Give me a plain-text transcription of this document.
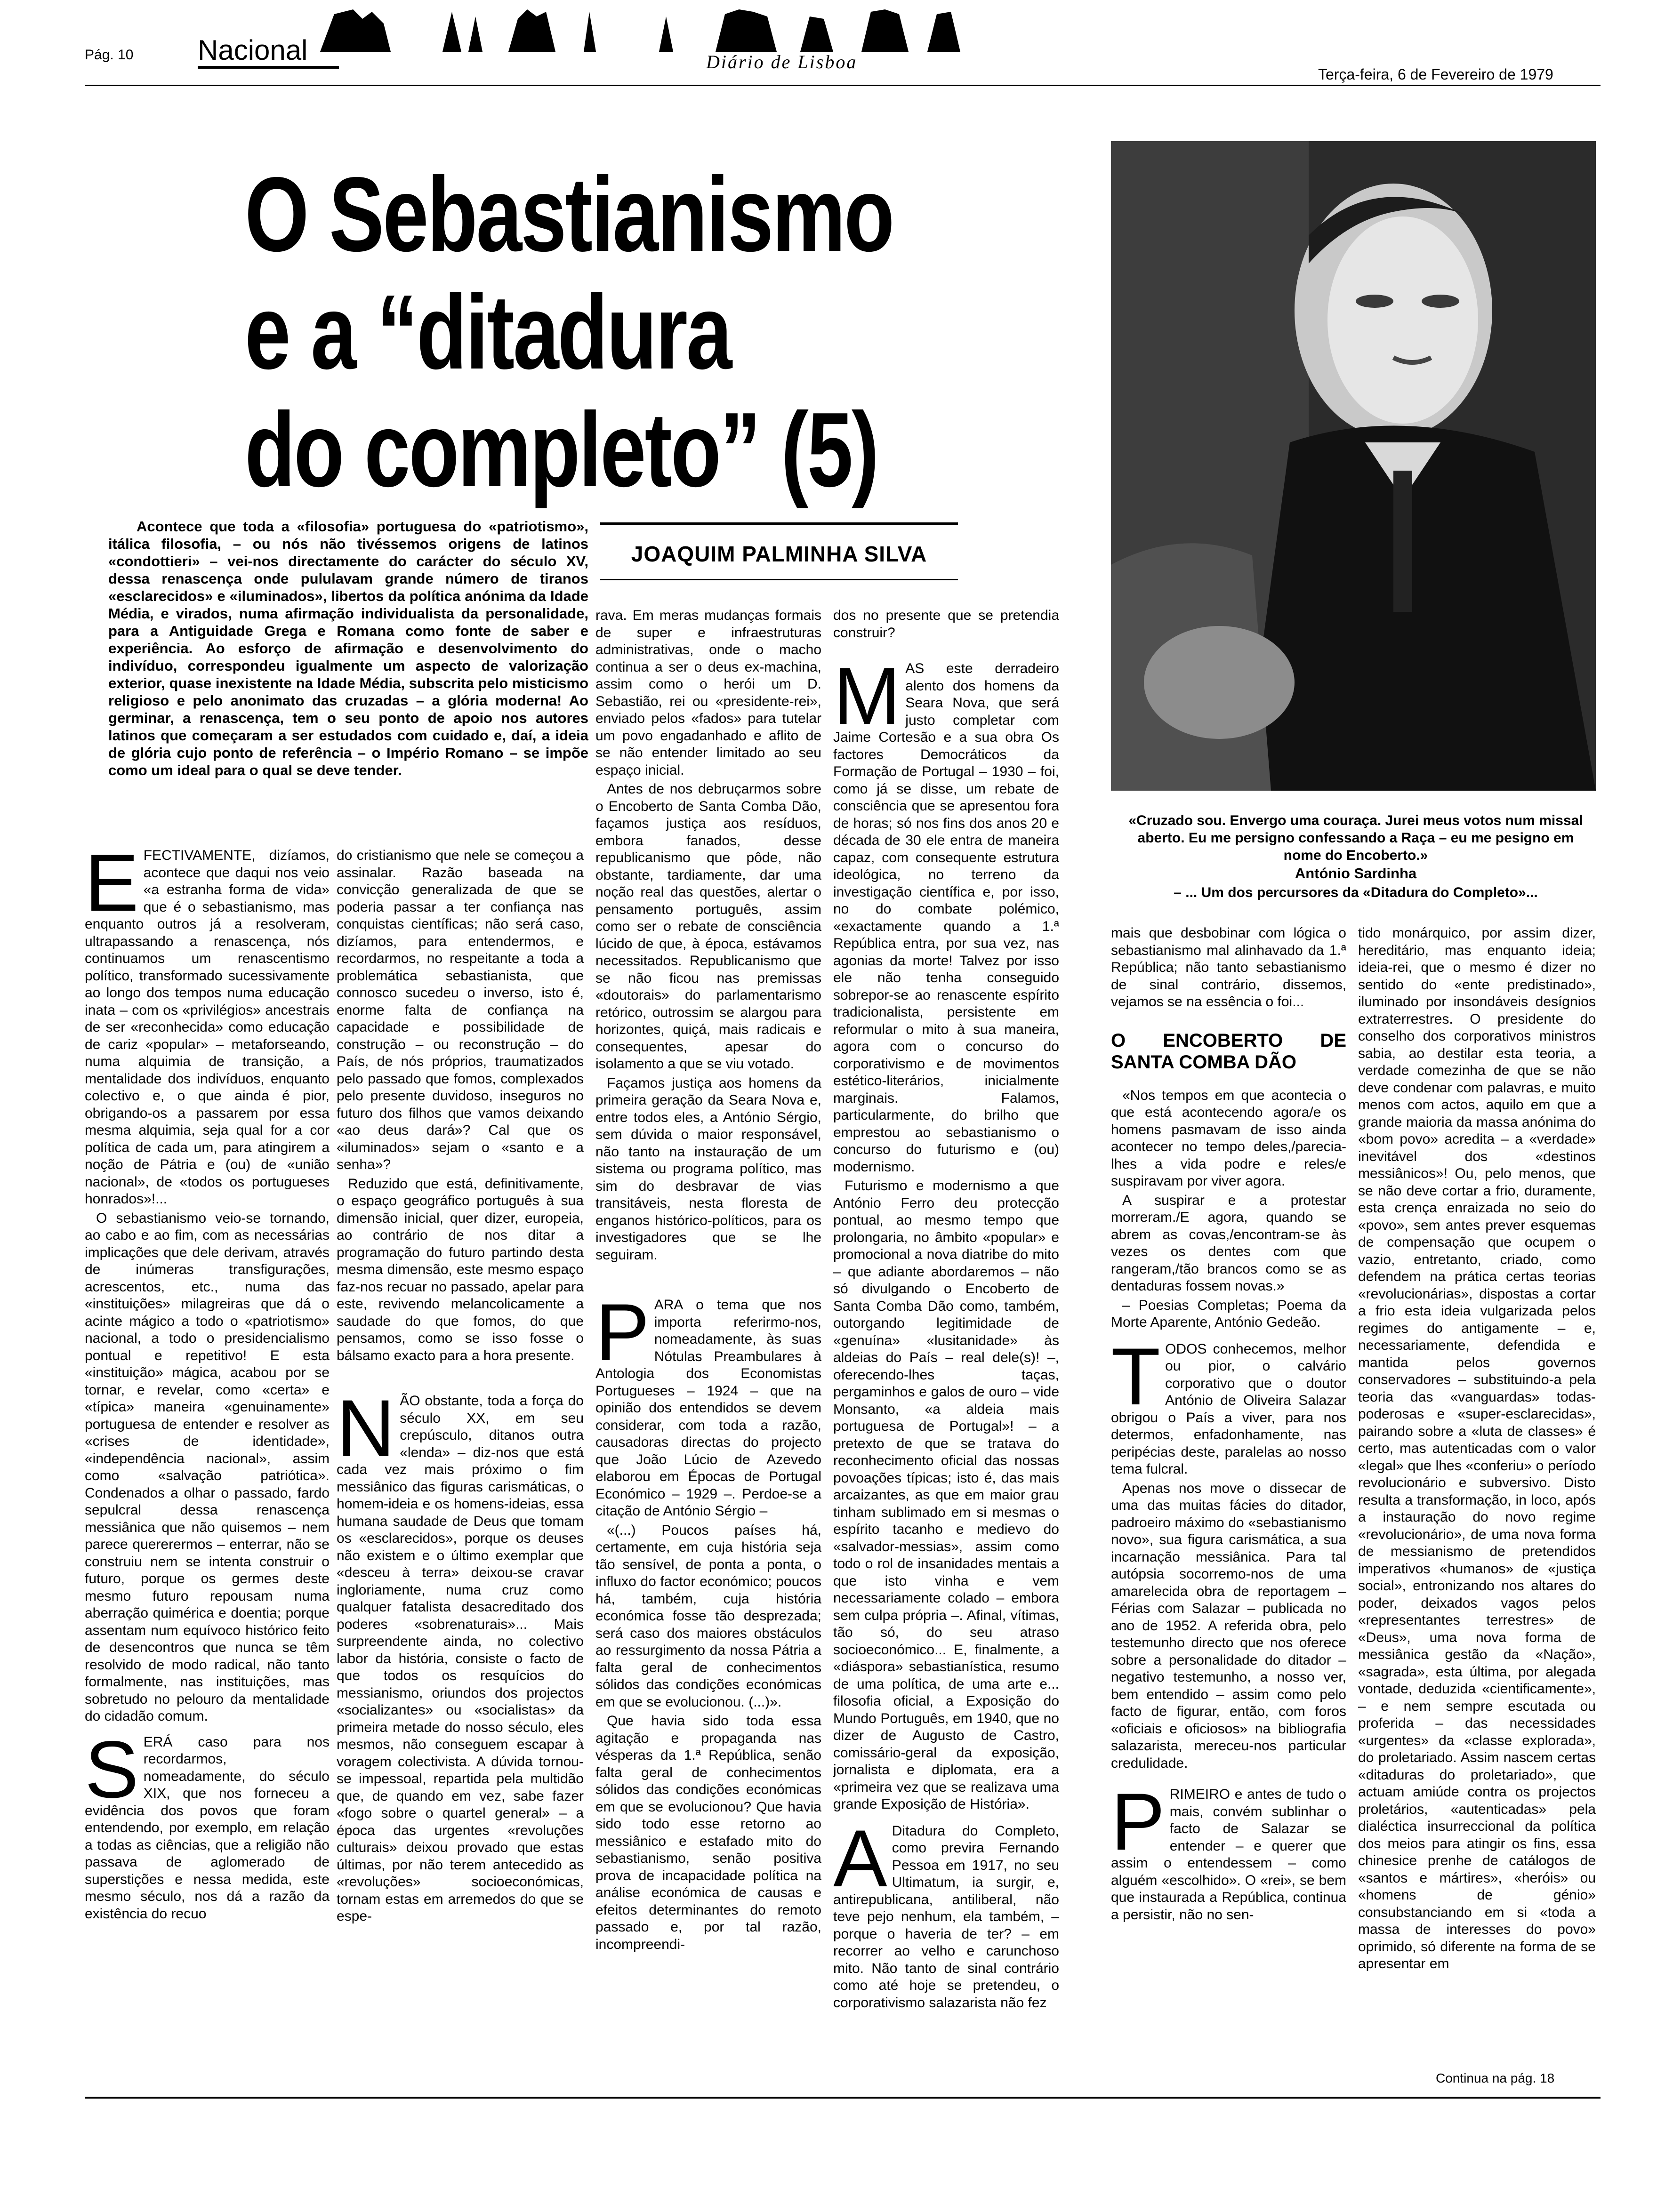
Pág. 10 Nacional	Diário de Lisboa
Terça-feira, 6 de Fevereiro de 1979
O Sebastianismo
e a “ditadura
do completo” (5)
«Cruzado sou. Envergo uma couraça. Jurei meus votos num missal aberto. Eu me persigno confessando a Raça – eu me pesigno em nome do Encoberto.»
António Sardinha
– ... Um dos percursores da «Ditadura do Completo»...
JOAQUIM PALMINHA SILVA
Acontece que toda a «filosofia» portuguesa do «patriotismo», itálica filosofia, – ou nós não tivéssemos origens de latinos «condottieri» – vei-nos directamente do carácter do século XV, dessa renascença onde pululavam grande número de tiranos «esclarecidos» e «iluminados», libertos da política anónima da Idade Média, e virados, numa afirmação individualista da personalidade, para a Antiguidade Grega e Romana como fonte de saber e experiência. Ao esforço de afirmação e desenvolvimento do indivíduo, correspondeu igualmente um aspecto de valorização exterior, quase inexistente na Idade Média, subscrita pelo misticismo religioso e pelo anonimato das cruzadas – a glória moderna! Ao germinar, a renascença, tem o seu ponto de apoio nos autores latinos que começaram a ser estudados com cuidado e, daí, a ideia de glória cujo ponto de referência – o Império Romano – se impõe como um ideal para o qual se deve tender.
E FECTIVAMENTE, dizíamos, acontece que daqui nos veio «a estranha forma de vida» que é o sebastianismo, mas enquanto outros já a resolveram, ultrapassando a renascença, nós continuamos um renascentismo político, transformado sucessivamente ao longo dos tempos numa educação inata – com os «privilégios» ancestrais de ser «reconhecida» como educação de cariz «popular» – metaforseando, numa alquimia de transição, a mentalidade dos indivíduos, enquanto colectivo e, o que ainda é pior, obrigando-os a passarem por essa mesma alquimia, seja qual for a cor política de cada um, para atingirem a noção de Pátria e (ou) de «união nacional», de «todos os portugueses honrados»!...

O sebastianismo veio-se tornando, ao cabo e ao fim, com as necessárias implicações que dele derivam, através de inúmeras transfigurações, acrescentos, etc., numa das «instituições» milagreiras que dá o acinte mágico a todo o «patriotismo» nacional, a todo o presidencialismo pontual e repetitivo! E esta «instituição» mágica, acabou por se tornar, e revelar, como «certa» e «típica» maneira «genuinamente» portuguesa de entender e resolver as «crises de identidade», «independência nacional», assim como «salvação patriótica». Condenados a olhar o passado, fardo sepulcral dessa renascença messiânica que não quisemos – nem parece quererermos – enterrar, não se construiu nem se intenta construir o futuro, porque os germes deste mesmo futuro repousam numa aberração quimérica e doentia; porque assentam num equívoco histórico feito de desencontros que nunca se têm resolvido de modo radical, não tanto formalmente, nas instituições, mas sobretudo no pelouro da mentalidade do cidadão comum.

S ERÁ caso para nos recordarmos, nomeadamente, do século XIX, que nos forneceu a evidência dos povos que foram entendendo, por exemplo, em relação a todas as ciências, que a religião não passava de aglomerado de superstições e nessa medida, este mesmo século, nos dá a razão da existência do recuo

do cristianismo que nele se começou a assinalar. Razão baseada na convicção generalizada de que se poderia passar a ter confiança nas conquistas científicas; não será caso, dizíamos, para entendermos, e recordarmos, no respeitante a toda a problemática sebastianista, que connosco sucedeu o inverso, isto é, enorme falta de confiança na capacidade e possibilidade de construção – ou reconstrução – do País, de nós próprios, traumatizados pelo passado que fomos, complexados pelo presente duvidoso, inseguros no futuro dos filhos que vamos deixando «ao deus dará»? Cal que os «iluminados» sejam o «santo e a senha»?

Reduzido que está, definitivamente, o espaço geográfico português à sua dimensão inicial, quer dizer, europeia, ao contrário de nos ditar a programação do futuro partindo desta mesma dimensão, este mesmo espaço faz-nos recuar no passado, apelar para este, revivendo melancolicamente a saudade do que fomos, do que pensamos, como se isso fosse o bálsamo exacto para a hora presente.

N ÃO obstante, toda a força do século XX, em seu crepúsculo, ditanos outra «lenda» – diz-nos que está cada vez mais próximo o fim messiânico das figuras carismáticas, o homem-ideia e os homens-ideias, essa humana saudade de Deus que tomam os «esclarecidos», porque os deuses não existem e o último exemplar que «desceu à terra» deixou-se cravar ingloriamente, numa cruz como qualquer fatalista desacreditado dos poderes «sobrenaturais»... Mais surpreendente ainda, no colectivo labor da história, consiste o facto de que todos os resquícios do messianismo, oriundos dos projectos «socializantes» ou «socialistas» da primeira metade do nosso século, eles mesmos, não conseguem escapar à voragem colectivista. A dúvida tornou-se impessoal, repartida pela multidão que, de quando em vez, sabe fazer «fogo sobre o quartel general» – a época das urgentes «revoluções culturais» deixou provado que estas últimas, por não terem antecedido as «revoluções» socioeconómicas, tornam estas em arremedos do que se espe-

rava. Em meras mudanças formais de super e infraestruturas administrativas, onde o macho continua a ser o deus ex-machina, assim como o herói um D. Sebastião, rei ou «presidente-rei», enviado pelos «fados» para tutelar um povo engadanhado e aflito de se não entender limitado ao seu espaço inicial.

Antes de nos debruçarmos sobre o Encoberto de Santa Comba Dão, façamos justiça aos resíduos, embora fanados, desse republicanismo que pôde, não obstante, tardiamente, dar uma noção real das questões, alertar o pensamento português, assim como ser o rebate de consciência lúcido de que, à época, estávamos necessitados. Republicanismo que se não ficou nas premissas «doutorais» do parlamentarismo retórico, outrossim se alargou para horizontes, quiçá, mais radicais e consequentes, apesar do isolamento a que se viu votado.

Façamos justiça aos homens da primeira geração da Seara Nova e, entre todos eles, a António Sérgio, sem dúvida o maior responsável, não tanto na instauração de um sistema ou programa político, mas sim do desbravar de vias transitáveis, nesta floresta de enganos histórico-políticos, para os investigadores que se lhe seguiram.

P ARA o tema que nos importa referirmo-nos, nomeadamente, às suas Nótulas Preambulares à Antologia dos Economistas Portugueses – 1924 – que na opinião dos entendidos se devem considerar, com toda a razão, causadoras directas do projecto que João Lúcio de Azevedo elaborou em Épocas de Portugal Económico – 1929 –. Perdoe-se a citação de António Sérgio –

«(...) Poucos países há, certamente, em cuja história seja tão sensível, de ponta a ponta, o influxo do factor económico; poucos há, também, cuja história económica fosse tão desprezada; será caso dos maiores obstáculos ao ressurgimento da nossa Pátria a falta geral de conhecimentos sólidos das condições económicas em que se evolucionou. (...)».

Que havia sido toda essa agitação e propaganda nas vésperas da 1.ª República, senão falta geral de conhecimentos sólidos das condições económicas em que se evolucionou? Que havia sido todo esse retorno ao messiânico e estafado mito do sebastianismo, senão positiva prova de incapacidade política na análise económica de causas e efeitos determinantes do remoto passado e, por tal razão, incompreendi-

dos no presente que se pretendia construir?

M AS este derradeiro alento dos homens da Seara Nova, que será justo completar com Jaime Cortesão e a sua obra Os factores Democráticos da Formação de Portugal – 1930 – foi, como já se disse, um rebate de consciência que se apresentou fora de horas; só nos fins dos anos 20 e década de 30 ele entra de maneira capaz, com consequente estrutura ideológica, no terreno da investigação científica e, por isso, no do combate polémico, «exactamente quando a 1.ª República entra, por sua vez, nas agonias da morte! Talvez por isso ele não tenha conseguido sobrepor-se ao renascente espírito tradicionalista, persistente em reformular o mito à sua maneira, agora com o concurso do corporativismo e de movimentos estético-literários, inicialmente marginais. Falamos, particularmente, do brilho que emprestou ao sebastianismo o concurso do futurismo e (ou) modernismo.

Futurismo e modernismo a que António Ferro deu protecção pontual, ao mesmo tempo que prolongaria, no âmbito «popular» e promocional a nova diatribe do mito – que adiante abordaremos – não só divulgando o Encoberto de Santa Comba Dão como, também, outorgando legitimidade de «genuína» «lusitanidade» às aldeias do País – real dele(s)! –, oferecendo-lhes taças, pergaminhos e galos de ouro – vide Monsanto, «a aldeia mais portuguesa de Portugal»! – a pretexto de que se tratava do reconhecimento oficial das nossas povoações típicas; isto é, das mais arcaizantes, as que em maior grau tinham sublimado em si mesmas o espírito tacanho e medievo do «salvador-messias», assim como todo o rol de insanidades mentais a que isto vinha e vem necessariamente colado – embora sem culpa própria –. Afinal, vítimas, tão só, do seu atraso socioeconómico... E, finalmente, a «diáspora» sebastianística, resumo de uma política, de uma arte e... filosofia oficial, a Exposição do Mundo Português, em 1940, que no dizer de Augusto de Castro, comissário-geral da exposição, jornalista e diplomata, era a «primeira vez que se realizava uma grande Exposição de História».

A Ditadura do Completo, como previra Fernando Pessoa em 1917, no seu Ultimatum, ia surgir, e, antirepublicana, antiliberal, não teve pejo nenhum, ela também, – porque o haveria de ter? – em recorrer ao velho e carunchoso mito. Não tanto de sinal contrário como até hoje se pretendeu, o corporativismo salazarista não fez

mais que desbobinar com lógica o sebastianismo mal alinhavado da 1.ª República; não tanto sebastianismo de sinal contrário, dissemos, vejamos se na essência o foi...

O ENCOBERTO DE SANTA COMBA DÃO

«Nos tempos em que acontecia o que está acontecendo agora/e os homens pasmavam de isso ainda acontecer no tempo deles,/parecia-lhes a vida podre e reles/e suspiravam por viver agora.

A suspirar e a protestar morreram./E agora, quando se abrem as covas,/encontram-se às vezes os dentes com que rangeram,/tão brancos como se as dentaduras fossem novas.»

– Poesias Completas; Poema da Morte Aparente, António Gedeão.

T ODOS conhecemos, melhor ou pior, o calvário corporativo que o doutor António de Oliveira Salazar obrigou o País a viver, para nos determos, enfadonhamente, nas peripécias deste, paralelas ao nosso tema fulcral.

Apenas nos move o dissecar de uma das muitas fácies do ditador, padroeiro máximo do «sebastianismo novo», sua figura carismática, a sua incarnação messiânica. Para tal autópsia socorremo-nos de uma amarelecida obra de reportagem – Férias com Salazar – publicada no ano de 1952. A referida obra, pelo testemunho directo que nos oferece sobre a personalidade do ditador – negativo testemunho, a nosso ver, bem entendido – assim como pelo facto de figurar, então, com foros «oficiais e oficiosos» na bibliografia salazarista, mereceu-nos particular credulidade.

P RIMEIRO e antes de tudo o mais, convém sublinhar o facto de Salazar se entender – e querer que assim o entendessem – como alguém «escolhido». O «rei», se bem que instaurada a República, continua a persistir, não no sen-

tido monárquico, por assim dizer, hereditário, mas enquanto ideia; ideia-rei, que o mesmo é dizer no sentido do «ente predistinado», iluminado por insondáveis desígnios extraterrestres. O presidente do conselho dos corporativos ministros sabia, ao destilar esta teoria, a verdade comezinha de que se não deve condenar com palavras, e muito menos com actos, aquilo em que a grande maioria da massa anónima do «bom povo» acredita – a «verdade» inevitável dos «destinos messiânicos»! Ou, pelo menos, que se não deve cortar a frio, duramente, esta crença enraizada no seio do «povo», sem antes prever esquemas de compensação que ocupem o vazio, entretanto, criado, como defendem na prática certas teorias «revolucionárias», dispostas a cortar a frio esta ideia vulgarizada pelos regimes do antigamente – e, necessariamente, defendida e mantida pelos governos conservadores – substituindo-a pela teoria das «vanguardas» todas-poderosas e «super-esclarecidas», pairando sobre a «luta de classes» é certo, mas autenticadas com o valor «legal» que lhes «conferiu» o período revolucionário e subversivo. Disto resulta a transformação, in loco, após a instauração do novo regime «revolucionário», de uma nova forma de messianismo de pretendidos imperativos «humanos» de «justiça social», entronizando nos altares do poder, deixados vagos pelos «representantes terrestres» de «Deus», uma nova forma de messiânica gestão da «Nação», «sagrada», esta última, por alegada vontade, deduzida «cientificamente», – e nem sempre escutada ou proferida – das necessidades «urgentes» da «classe explorada», do proletariado. Assim nascem certas «ditaduras do proletariado», que actuam amiúde contra os projectos proletários, «autenticadas» pela dialéctica insurreccional da política dos meios para atingir os fins, essa chinesice prenhe de catálogos de «santos e mártires», «heróis» ou «homens de génio» consubstanciando em si «toda a massa de interesses do povo» oprimido, só diferente na forma de se apresentar em

Continua na pág. 18
